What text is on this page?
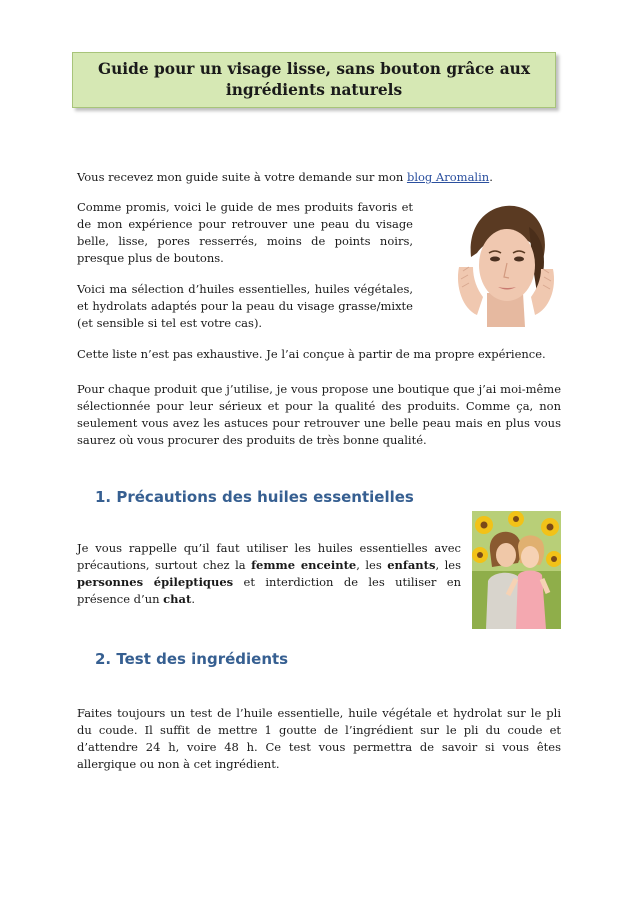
Guide pour un visage lisse, sans bouton grâce aux ingrédients naturels

Vous recevez mon guide suite à votre demande sur mon blog Aromalin.

Comme promis, voici le guide de mes produits favoris et de mon expérience pour retrouver une peau du visage belle, lisse, pores resserrés, moins de points noirs, presque plus de boutons.

Voici ma sélection d’huiles essentielles, huiles végétales, et hydrolats adaptés pour la peau du visage grasse/mixte (et sensible si tel est votre cas).

Cette liste n’est pas exhaustive. Je l’ai conçue à partir de ma propre expérience.

Pour chaque produit que j’utilise, je vous propose une boutique que j’ai moi-même sélectionnée pour leur sérieux et pour la qualité des produits. Comme ça, non seulement vous avez les astuces pour retrouver une belle peau mais en plus vous saurez où vous procurer des produits de très bonne qualité.

1. Précautions des huiles essentielles

Je vous rappelle qu’il faut utiliser les huiles essentielles avec précautions, surtout chez la femme enceinte, les enfants, les personnes épileptiques et interdiction de les utiliser en présence d’un chat.

2. Test des ingrédients

Faites toujours un test de l’huile essentielle, huile végétale et hydrolat sur le pli du coude. Il suffit de mettre 1 goutte de l’ingrédient sur le pli du coude et d’attendre 24 h, voire 48 h. Ce test vous permettra de savoir si vous êtes allergique ou non à cet ingrédient.
